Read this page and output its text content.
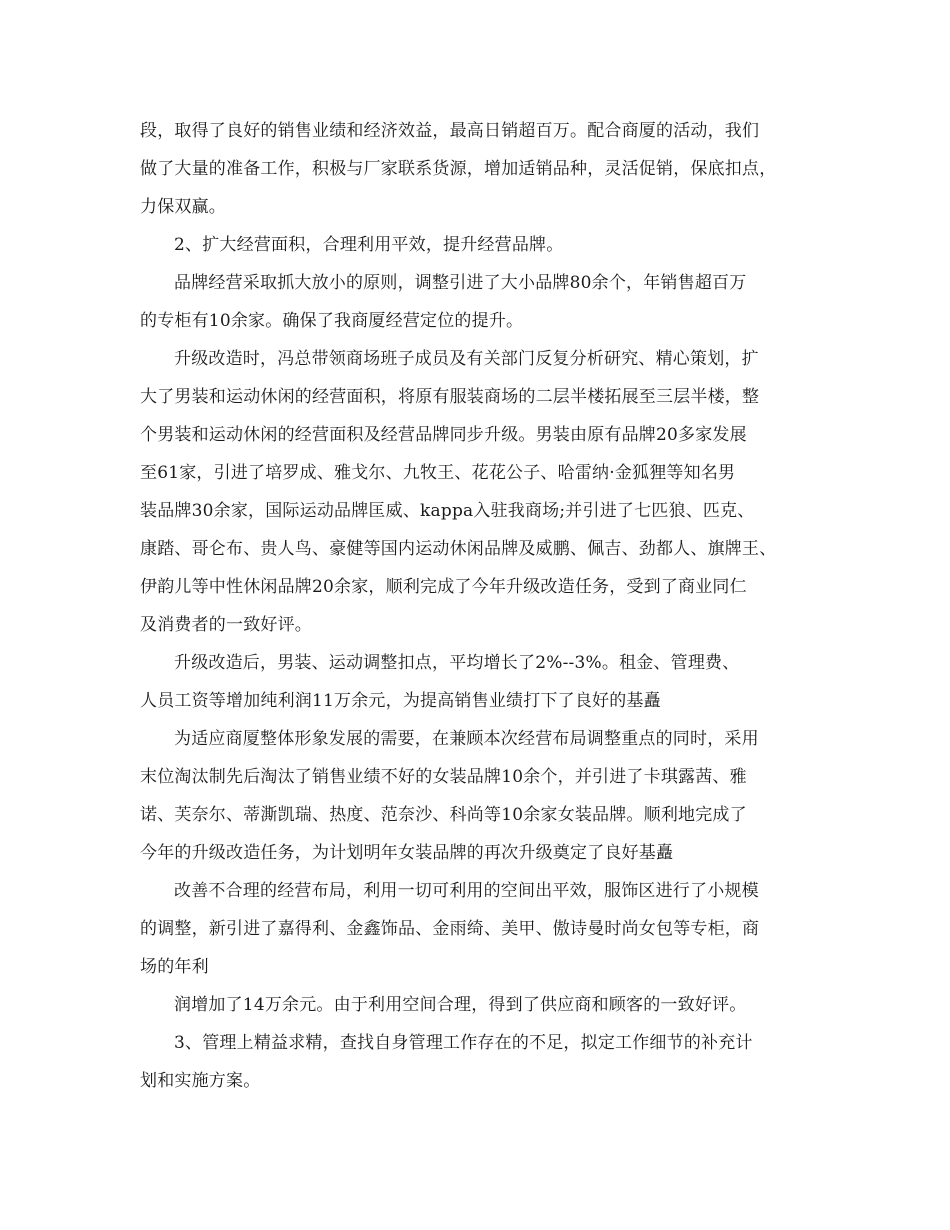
段，取得了良好的销售业绩和经济效益，最高日销超百万。配合商厦的活动，我们
做了大量的准备工作，积极与厂家联系货源，增加适销品种，灵活促销，保底扣点，
力保双赢。
2、扩大经营面积，合理利用平效，提升经营品牌。
品牌经营采取抓大放小的原则，调整引进了大小品牌80余个，年销售超百万
的专柜有10余家。确保了我商厦经营定位的提升。
升级改造时，冯总带领商场班子成员及有关部门反复分析研究、精心策划，扩
大了男装和运动休闲的经营面积，将原有服装商场的二层半楼拓展至三层半楼，整
个男装和运动休闲的经营面积及经营品牌同步升级。男装由原有品牌20多家发展
至61家，引进了培罗成、雅戈尔、九牧王、花花公子、哈雷纳·金狐狸等知名男
装品牌30余家，国际运动品牌匡威、kappa入驻我商场;并引进了七匹狼、匹克、
康踏、哥仑布、贵人鸟、豪健等国内运动休闲品牌及威鹏、佩吉、劲都人、旗牌王、
伊韵儿等中性休闲品牌20余家，顺利完成了今年升级改造任务，受到了商业同仁
及消费者的一致好评。
升级改造后，男装、运动调整扣点，平均增长了2%--3%。租金、管理费、
人员工资等增加纯利润11万余元，为提高销售业绩打下了良好的基矗
为适应商厦整体形象发展的需要，在兼顾本次经营布局调整重点的同时，采用
末位淘汰制先后淘汰了销售业绩不好的女装品牌10余个，并引进了卡琪露茜、雅
诺、芙奈尔、蒂澌凯瑞、热度、范奈沙、科尚等10余家女装品牌。顺利地完成了
今年的升级改造任务，为计划明年女装品牌的再次升级奠定了良好基矗
改善不合理的经营布局，利用一切可利用的空间出平效，服饰区进行了小规模
的调整，新引进了嘉得利、金鑫饰品、金雨绮、美甲、傲诗曼时尚女包等专柜，商
场的年利
润增加了14万余元。由于利用空间合理，得到了供应商和顾客的一致好评。
3、管理上精益求精，查找自身管理工作存在的不足，拟定工作细节的补充计
划和实施方案。
